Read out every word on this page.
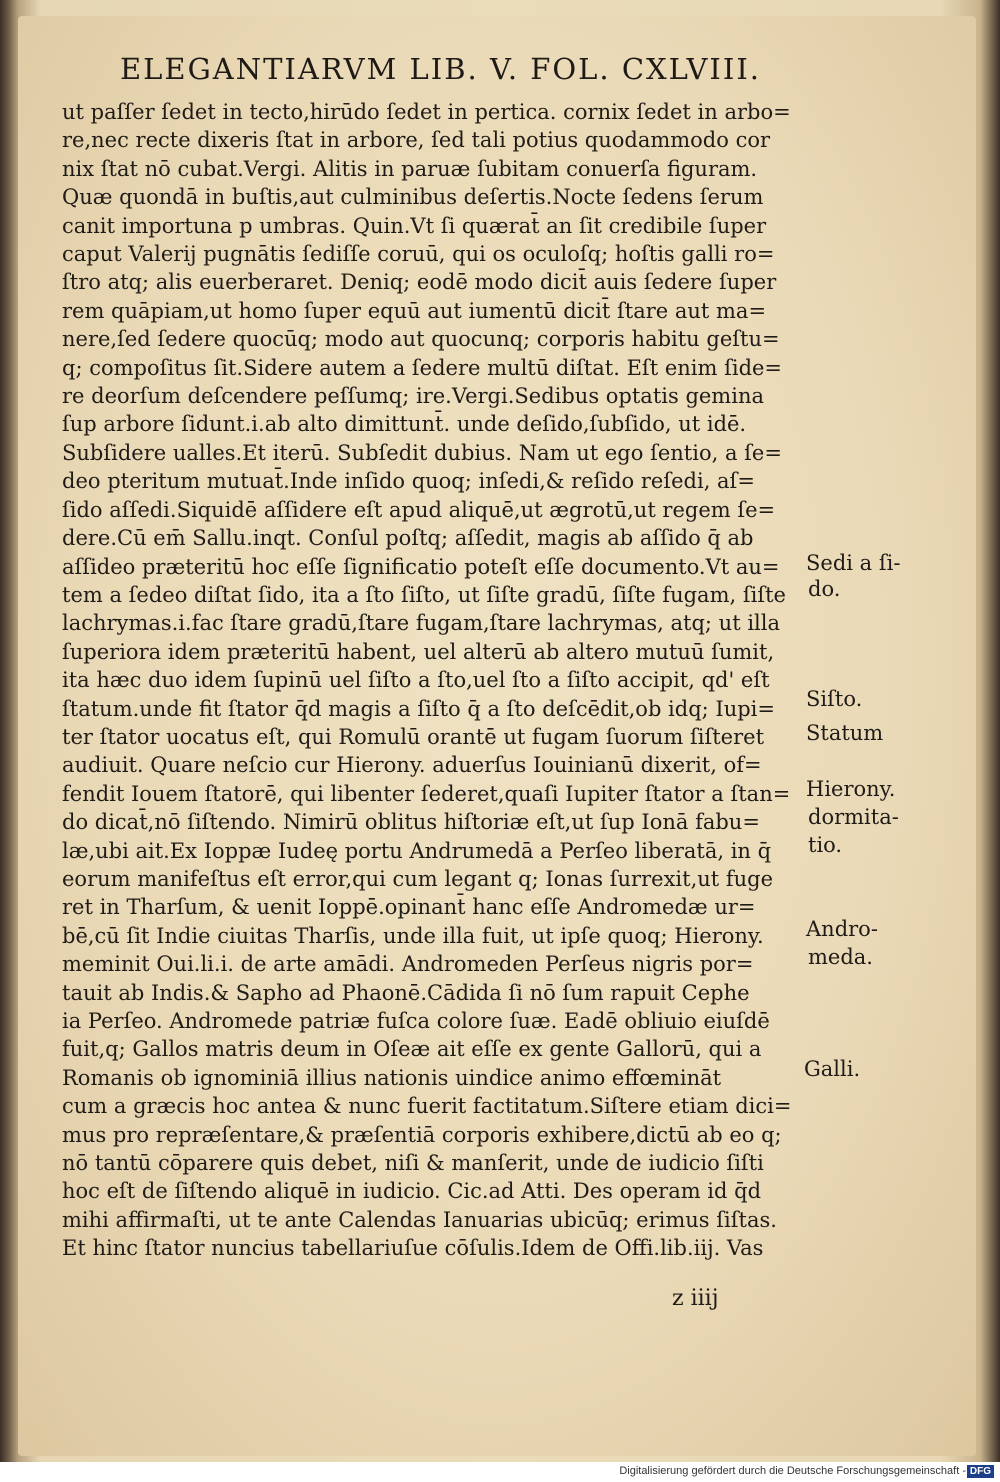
ELEGANTIARVM LIB. V. FOL. CXLVIII.
ut paſſer ſedet in tecto,hirūdo ſedet in pertica. cornix ſedet in arbo=
re,nec recte dixeris ſtat in arbore, ſed tali potius quodammodo cor
nix ſtat nō cubat.Vergi. Alitis in paruæ ſubitam conuerſa figuram.
Quæ quondā in buſtis,aut culminibus deſertis.Nocte ſedens ſerum
canit importuna p umbras. Quin.Vt ſi quærat̄ an ſit credibile ſuper
caput Valerij pugnātis ſediſſe coruū, qui os oculoſq; hoſtis galli ro=
ſtro atq; alis euerberaret. Deniq; eodē modo dicit̄ auis ſedere ſuper
rem quāpiam,ut homo ſuper equū aut iumentū dicit̄ ſtare aut ma=
nere,ſed ſedere quocūq; modo aut quocunq; corporis habitu geſtu=
q; compoſitus ſit.Sidere autem a ſedere multū diſtat. Eſt enim ſide=
re deorſum deſcendere peſſumq; ire.Vergi.Sedibus optatis gemina
ſup arbore ſidunt.i.ab alto dimittunt̄. unde deſido,ſubſido, ut idē.
Subſidere ualles.Et iterū. Subſedit dubius. Nam ut ego ſentio, a ſe=
deo pteritum mutuat̄.Inde inſido quoq; inſedi,& reſido reſedi, aſ=
ſido aſſedi.Siquidē aſſidere eſt apud aliquē,ut ægrotū,ut regem ſe=
dere.Cū em̄ Sallu.inqt. Conſul poſtq; aſſedit, magis ab aſſido q̄ ab
aſſideo præteritū hoc eſſe ſignificatio poteſt eſſe documento.Vt au=
tem a ſedeo diſtat ſido, ita a ſto ſiſto, ut ſiſte gradū, ſiſte fugam, ſiſte
lachrymas.i.fac ſtare gradū,ſtare fugam,ſtare lachrymas, atq; ut illa
ſuperiora idem præteritū habent, uel alterū ab altero mutuū ſumit,
ita hæc duo idem ſupinū uel ſiſto a ſto,uel ſto a ſiſto accipit, qd' eſt
ſtatum.unde fit ſtator q̄d magis a ſiſto q̄ a ſto deſcēdit,ob idq; Iupi=
ter ſtator uocatus eſt, qui Romulū orantē ut fugam ſuorum ſiſteret
audiuit. Quare neſcio cur Hierony. aduerſus Iouinianū dixerit, of=
fendit Iouem ſtatorē, qui libenter ſederet,quaſi Iupiter ſtator a ſtan=
do dicat̄,nō ſiſtendo. Nimirū oblitus hiſtoriæ eſt,ut ſup Ionā fabu=
læ,ubi ait.Ex Ioppæ Iudeę portu Andrumedā a Perſeo liberatā, in q̄
eorum manifeſtus eſt error,qui cum legant q; Ionas ſurrexit,ut fuge
ret in Tharſum, & uenit Ioppē.opinant̄ hanc eſſe Andromedæ ur=
bē,cū ſit Indie ciuitas Tharſis, unde illa fuit, ut ipſe quoq; Hierony.
meminit Oui.li.i. de arte amādi. Andromeden Perſeus nigris por=
tauit ab Indis.& Sapho ad Phaonē.Cādida ſi nō ſum rapuit Cephe
ia Perſeo. Andromede patriæ fuſca colore ſuæ. Eadē obliuio eiuſdē
fuit,q; Gallos matris deum in Oſeæ ait eſſe ex gente Gallorū, qui a
Romanis ob ignominiā illius nationis uindice animo effœmināt
cum a græcis hoc antea & nunc fuerit factitatum.Siſtere etiam dici=
mus pro repræſentare,& præſentiā corporis exhibere,dictū ab eo q;
nō tantū cōparere quis debet, niſi & manſerit, unde de iudicio ſiſti
hoc eſt de ſiſtendo aliquē in iudicio. Cic.ad Atti. Des operam id q̄d
mihi affirmaſti, ut te ante Calendas Ianuarias ubicūq; erimus ſiſtas.
Et hinc ſtator nuncius tabellariuſue cōſulis.Idem de Offi.lib.iij. Vas
Sedi a ſi-
do.
Siſto.
Statum
Hierony.
dormita-
tio.
Andro-
meda.
Galli.
z iiij
Digitalisierung gefördert durch die Deutsche Forschungsgemeinschaft - DFG
